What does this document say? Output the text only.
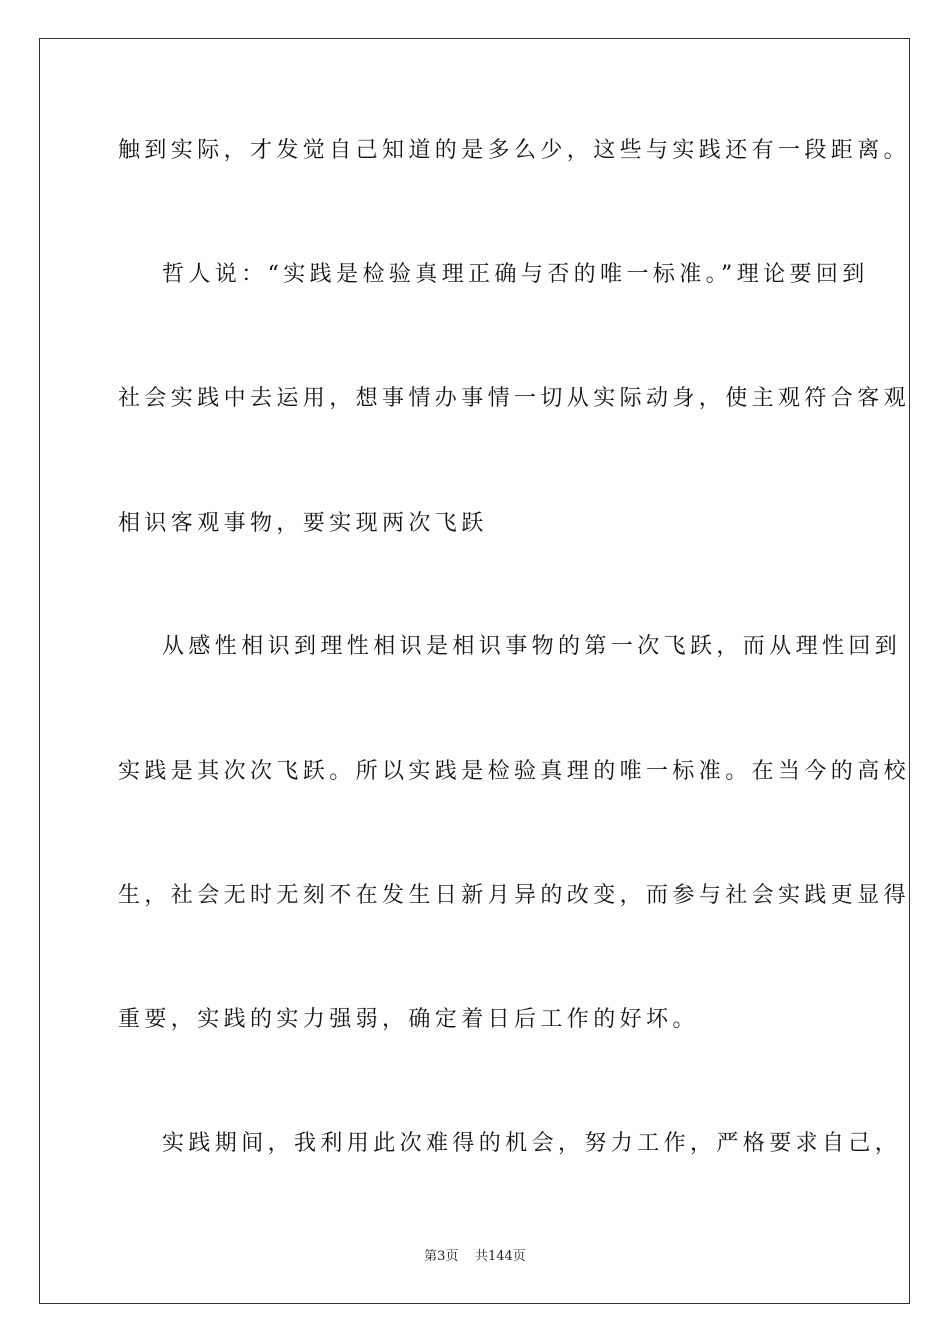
触到实际，才发觉自己知道的是多么少，这些与实践还有一段距离。
哲人说：“实践是检验真理正确与否的唯一标准。”理论要回到
社会实践中去运用，想事情办事情一切从实际动身，使主观符合客观
相识客观事物，要实现两次飞跃
从感性相识到理性相识是相识事物的第一次飞跃，而从理性回到
实践是其次次飞跃。所以实践是检验真理的唯一标准。在当今的高校
生，社会无时无刻不在发生日新月异的改变，而参与社会实践更显得
重要，实践的实力强弱，确定着日后工作的好坏。
实践期间，我利用此次难得的机会，努力工作，严格要求自己，
第3页 共144页
